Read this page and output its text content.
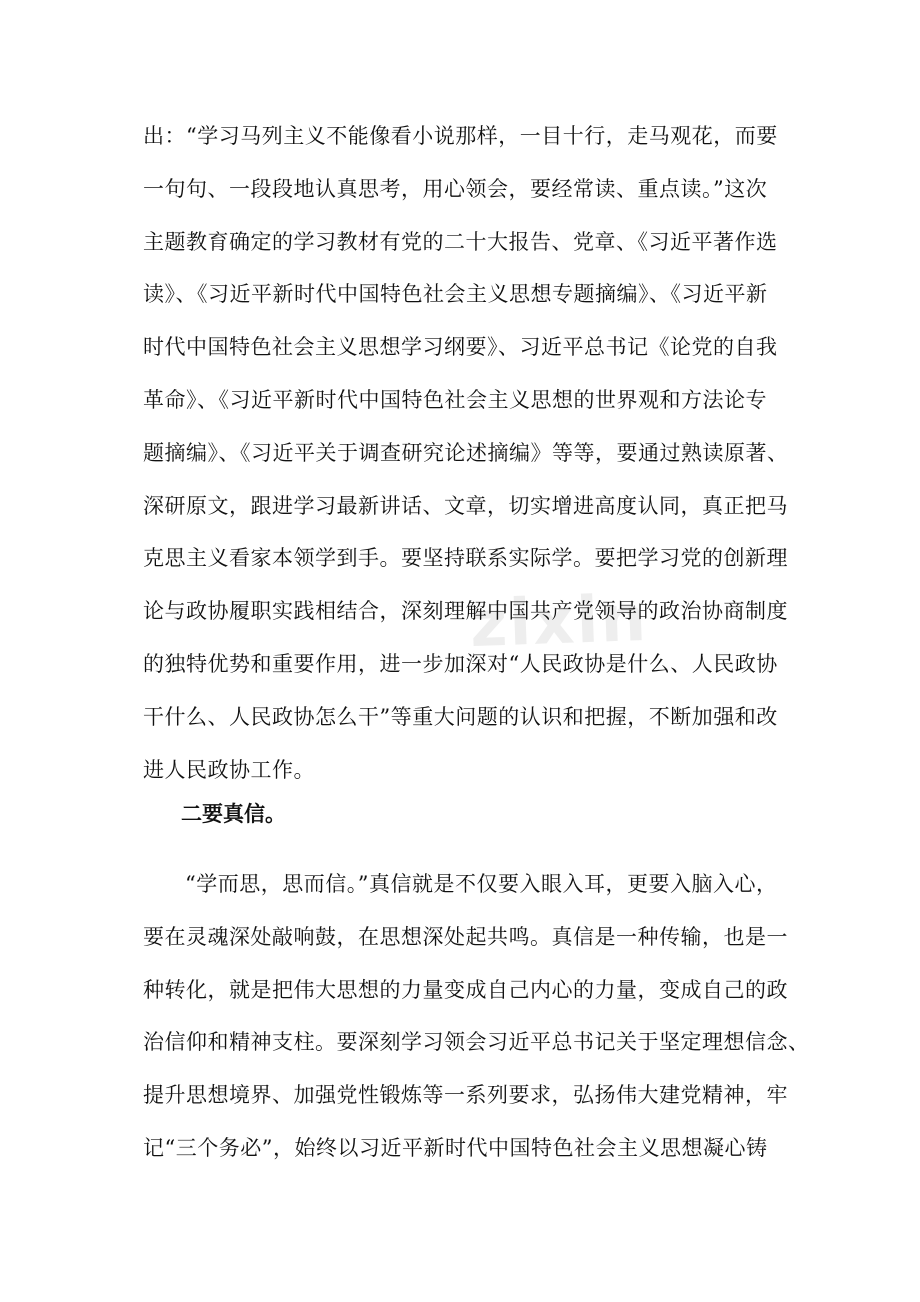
zixin
出：“学习马列主义不能像看小说那样，一目十行，走马观花，而要
一句句、一段段地认真思考，用心领会，要经常读、重点读。”这次
主题教育确定的学习教材有党的二十大报告、党章、《习近平著作选
读》、《习近平新时代中国特色社会主义思想专题摘编》、《习近平新
时代中国特色社会主义思想学习纲要》、习近平总书记《论党的自我
革命》、《习近平新时代中国特色社会主义思想的世界观和方法论专
题摘编》、《习近平关于调查研究论述摘编》等等，要通过熟读原著、
深研原文，跟进学习最新讲话、文章，切实增进高度认同，真正把马
克思主义看家本领学到手。要坚持联系实际学。要把学习党的创新理
论与政协履职实践相结合，深刻理解中国共产党领导的政治协商制度
的独特优势和重要作用，进一步加深对“人民政协是什么、人民政协
干什么、人民政协怎么干”等重大问题的认识和把握，不断加强和改
进人民政协工作。
二要真信。
“学而思，思而信。”真信就是不仅要入眼入耳，更要入脑入心，
要在灵魂深处敲响鼓，在思想深处起共鸣。真信是一种传输，也是一
种转化，就是把伟大思想的力量变成自己内心的力量，变成自己的政
治信仰和精神支柱。要深刻学习领会习近平总书记关于坚定理想信念、
提升思想境界、加强党性锻炼等一系列要求，弘扬伟大建党精神，牢
记“三个务必”，始终以习近平新时代中国特色社会主义思想凝心铸
